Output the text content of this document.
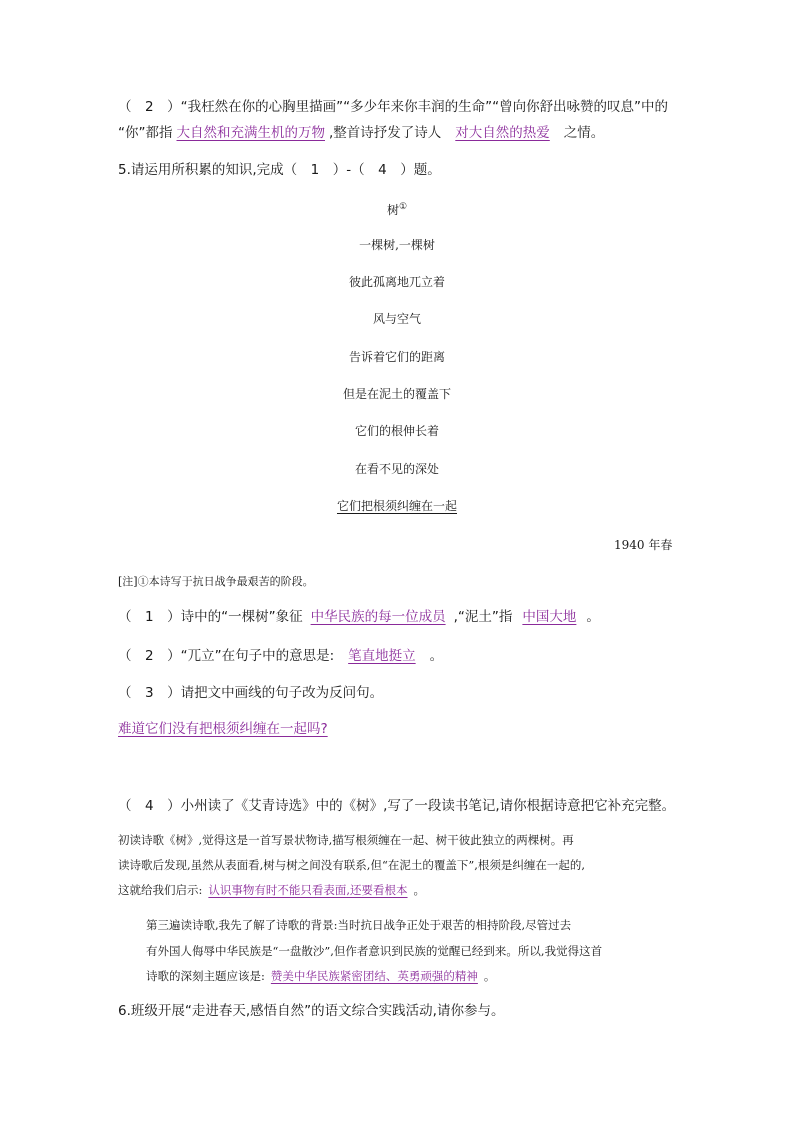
（　2　）“我枉然在你的心胸里描画”“多少年来你丰润的生命”“曾向你舒出咏赞的叹息”中的
“你”都指 大自然和充满生机的万物 ,整首诗抒发了诗人 对大自然的热爱 之情。
5.请运用所积累的知识,完成（　1　）-（　4　）题。
树①
一棵树,一棵树
彼此孤离地兀立着
风与空气
告诉着它们的距离
但是在泥土的覆盖下
它们的根伸长着
在看不见的深处
它们把根须纠缠在一起
1940 年春
[注]①本诗写于抗日战争最艰苦的阶段。
（　1　）诗中的“一棵树”象征 中华民族的每一位成员 ,“泥土”指 中国大地 。
（　2　）“兀立”在句子中的意思是: 笔直地挺立 。
（　3　）请把文中画线的句子改为反问句。
难道它们没有把根须纠缠在一起吗?
（　4　）小州读了《艾青诗选》中的《树》,写了一段读书笔记,请你根据诗意把它补充完整。
初读诗歌《树》,觉得这是一首写景状物诗,描写根须缠在一起、树干彼此独立的两棵树。再
读诗歌后发现,虽然从表面看,树与树之间没有联系,但“在泥土的覆盖下”,根须是纠缠在一起的,
这就给我们启示: 认识事物有时不能只看表面,还要看根本 。
第三遍读诗歌,我先了解了诗歌的背景:当时抗日战争正处于艰苦的相持阶段,尽管过去
有外国人侮辱中华民族是“一盘散沙”,但作者意识到民族的觉醒已经到来。所以,我觉得这首
诗歌的深刻主题应该是: 赞美中华民族紧密团结、英勇顽强的精神 。
6.班级开展“走进春天,感悟自然”的语文综合实践活动,请你参与。
